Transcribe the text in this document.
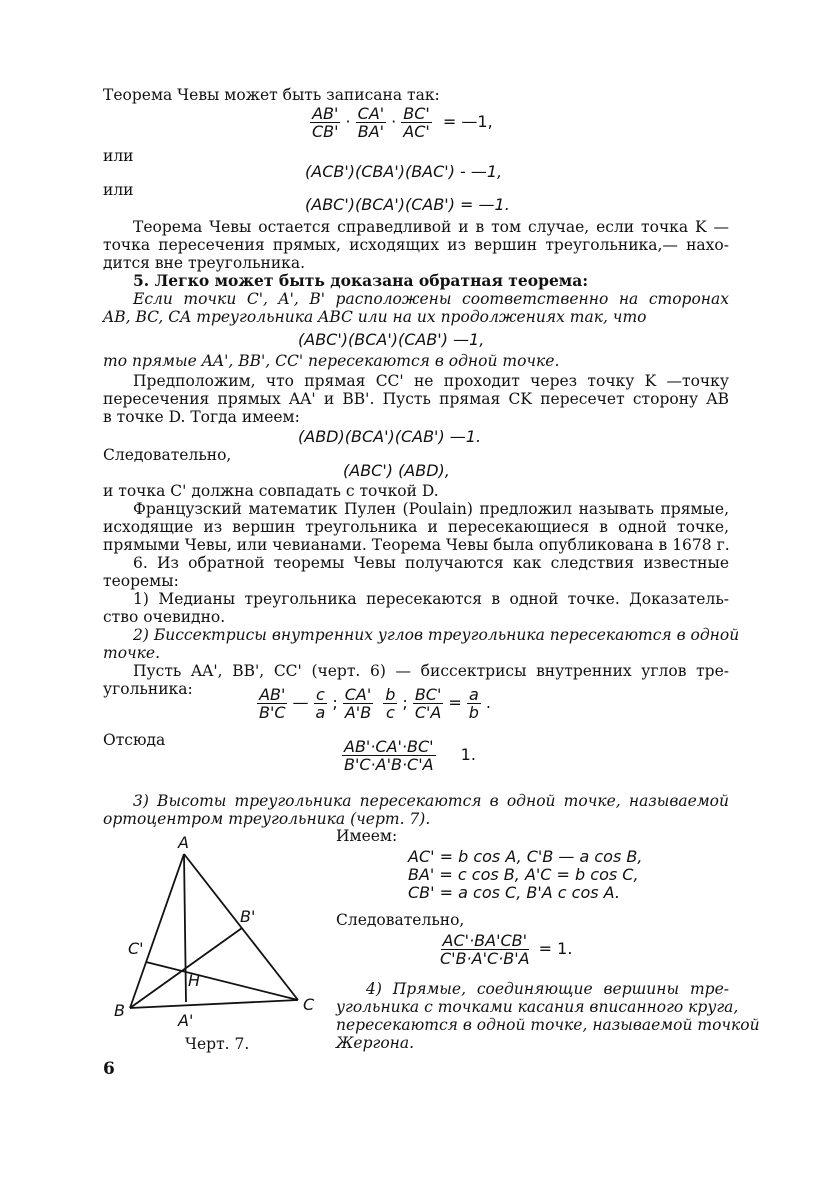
Теорема Чевы может быть записана так:
$\frac{AB'}{CB'} \cdot \frac{CA'}{BA'} \cdot \frac{BC'}{AC'}$ = —1,
или
(ACB')(CBA')(BAC') - —1,
или
(ABC')(BCA')(CAB') = —1.
Теорема Чевы остается справедливой и в том случае, если точка K —
точка пересечения прямых, исходящих из вершин треугольника,— нахо-
дится вне треугольника.
5. Легко может быть доказана обратная теорема:
Если точки C', A', B' расположены соответственно на сторонах
AB, BC, CA треугольника ABC или на их продолжениях так, что
(ABC')(BCA')(CAB') —1,
то прямые AA', BB', CC' пересекаются в одной точке.
Предположим, что прямая CC' не проходит через точку K —точку
пересечения прямых AA' и BB'. Пусть прямая CK пересечет сторону AB
в точке D. Тогда имеем:
(ABD)(BCA')(CAB') —1.
Следовательно,
(ABC') (ABD),
и точка C' должна совпадать с точкой D.
Французский математик Пулен (Poulain) предложил называть прямые,
исходящие из вершин треугольника и пересекающиеся в одной точке,
прямыми Чевы, или чевианами. Теорема Чевы была опубликована в 1678 г.
6. Из обратной теоремы Чевы получаются как следствия известные
теоремы:
1) Медианы треугольника пересекаются в одной точке. Доказатель-
ство очевидно.
2) Биссектрисы внутренних углов треугольника пересекаются в одной
точке.
Пусть AA', BB', CC' (черт. 6) — биссектрисы внутренних углов тре-
угольника:	$\frac{AB'}{B'C}$ — $\frac{c}{a}$ ; $\frac{CA'}{A'B} \frac{b}{c}$ ; $\frac{BC'}{C'A} = \frac{a}{b}$ .
Отсюда	$\frac{AB'\cdot CA'\cdot BC'}{B'C\cdot A'B\cdot C'A} 1$.
3) Высоты треугольника пересекаются в одной точке, называемой
ортоцентром треугольника (черт. 7).
Имеем:
AC' = b cos A, C'B — a cos B,
BA' = c cos B, A'C = b cos C,
CB' = a cos C, B'A c cos A.
Следовательно,
$\frac{AC'\cdot BA'CB'}{C'B\cdot A'C\cdot B'A} = 1$.
4) Прямые, соединяющие вершины тре-
угольника с точками касания вписанного круга,
пересекаются в одной точке, называемой точкой
Жергона.
A
B	C
A'
B'
C'
H
Черт. 7.
6
